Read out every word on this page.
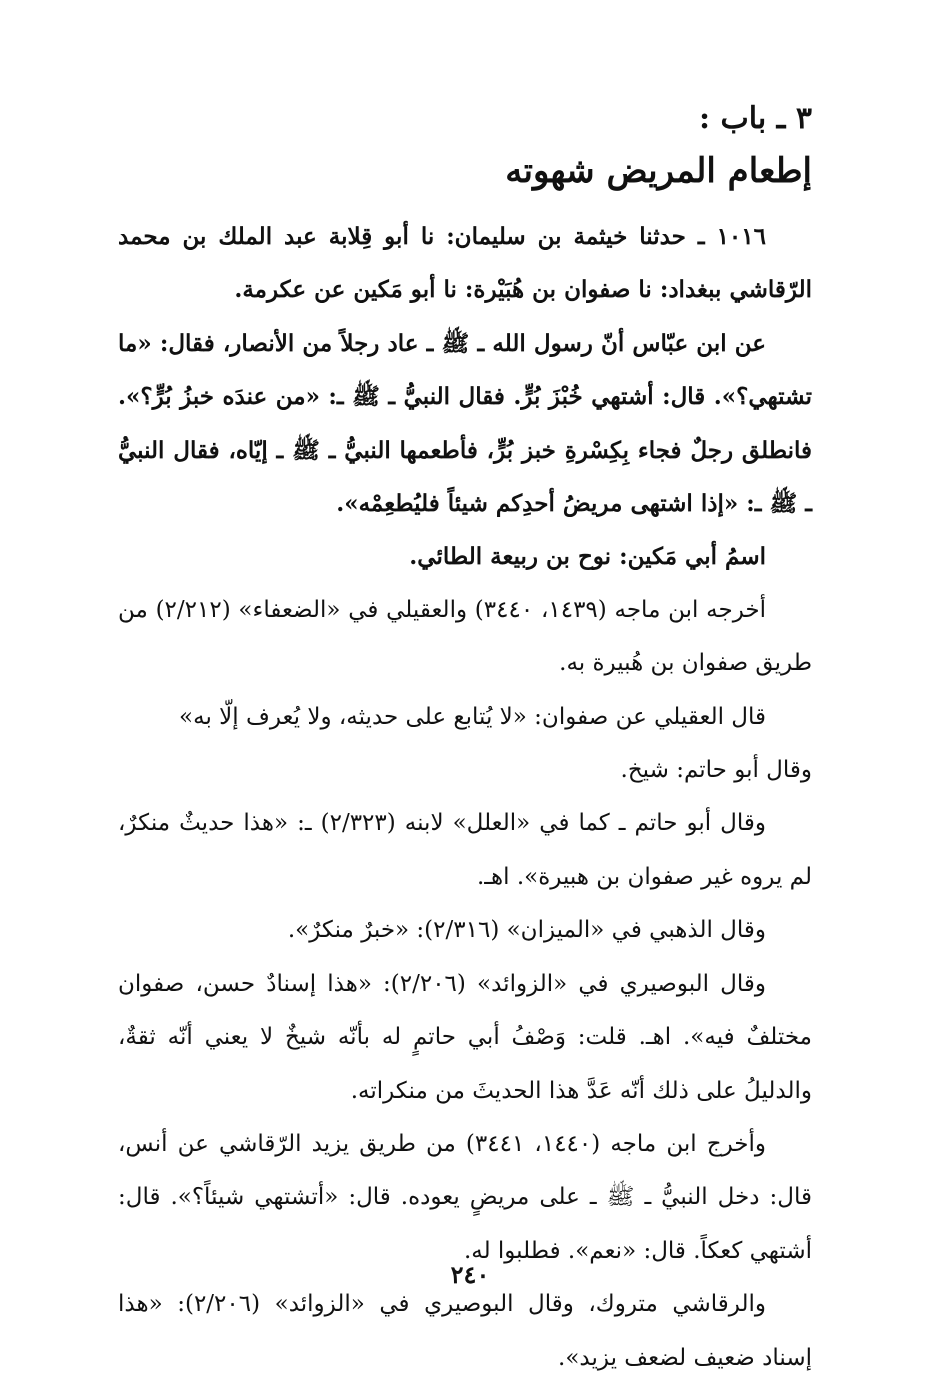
٣ ـ باب :

إطعام المريض شهوته

١٠١٦ ـ حدثنا خيثمة بن سليمان: نا أبو قِلابة عبد الملك بن محمد الرّقاشي ببغداد: نا صفوان بن هُبَيْرة: نا أبو مَكين عن عكرمة.

عن ابن عبّاس أنّ رسول الله ـ ﷺ ـ عاد رجلاً من الأنصار، فقال: «ما تشتهي؟». قال: أشتهي خُبْزَ بُرٍّ. فقال النبيُّ ـ ﷺ ـ: «من عندَه خبزُ بُرٍّ؟». فانطلق رجلٌ فجاء بِكِسْرةِ خبز بُرٍّ، فأطعمها النبيُّ ـ ﷺ ـ إيّاه، فقال النبيُّ ـ ﷺ ـ: «إذا اشتهى مريضُ أحدِكم شيئاً فليُطعِمْه».

اسمُ أبي مَكين: نوح بن ربيعة الطائي.

أخرجه ابن ماجه (١٤٣٩، ٣٤٤٠) والعقيلي في «الضعفاء» (٢/٢١٢) من طريق صفوان بن هُبيرة به.

قال العقيلي عن صفوان: «لا يُتابع على حديثه، ولا يُعرف إلّا به»

وقال أبو حاتم: شيخ.

وقال أبو حاتم ـ كما في «العلل» لابنه (٢/٣٢٣) ـ: «هذا حديثٌ منكرٌ، لم يروه غير صفوان بن هبيرة». اهـ.

وقال الذهبي في «الميزان» (٢/٣١٦): «خبرٌ منكرٌ».

وقال البوصيري في «الزوائد» (٢/٢٠٦): «هذا إسنادٌ حسن، صفوان مختلفٌ فيه». اهـ. قلت: وَصْفُ أبي حاتمٍ له بأنّه شيخٌ لا يعني أنّه ثقةٌ، والدليلُ على ذلك أنّه عَدَّ هذا الحديثَ من منكراته.

وأخرج ابن ماجه (١٤٤٠، ٣٤٤١) من طريق يزيد الرّقاشي عن أنس، قال: دخل النبيُّ ـ ﷺ ـ على مريضٍ يعوده. قال: «أتشتهي شيئاً؟». قال: أشتهي كعكاً. قال: «نعم». فطلبوا له.

والرقاشي متروك، وقال البوصيري في «الزوائد» (٢/٢٠٦): «هذا إسناد ضعيف لضعف يزيد».

٢٤٠
